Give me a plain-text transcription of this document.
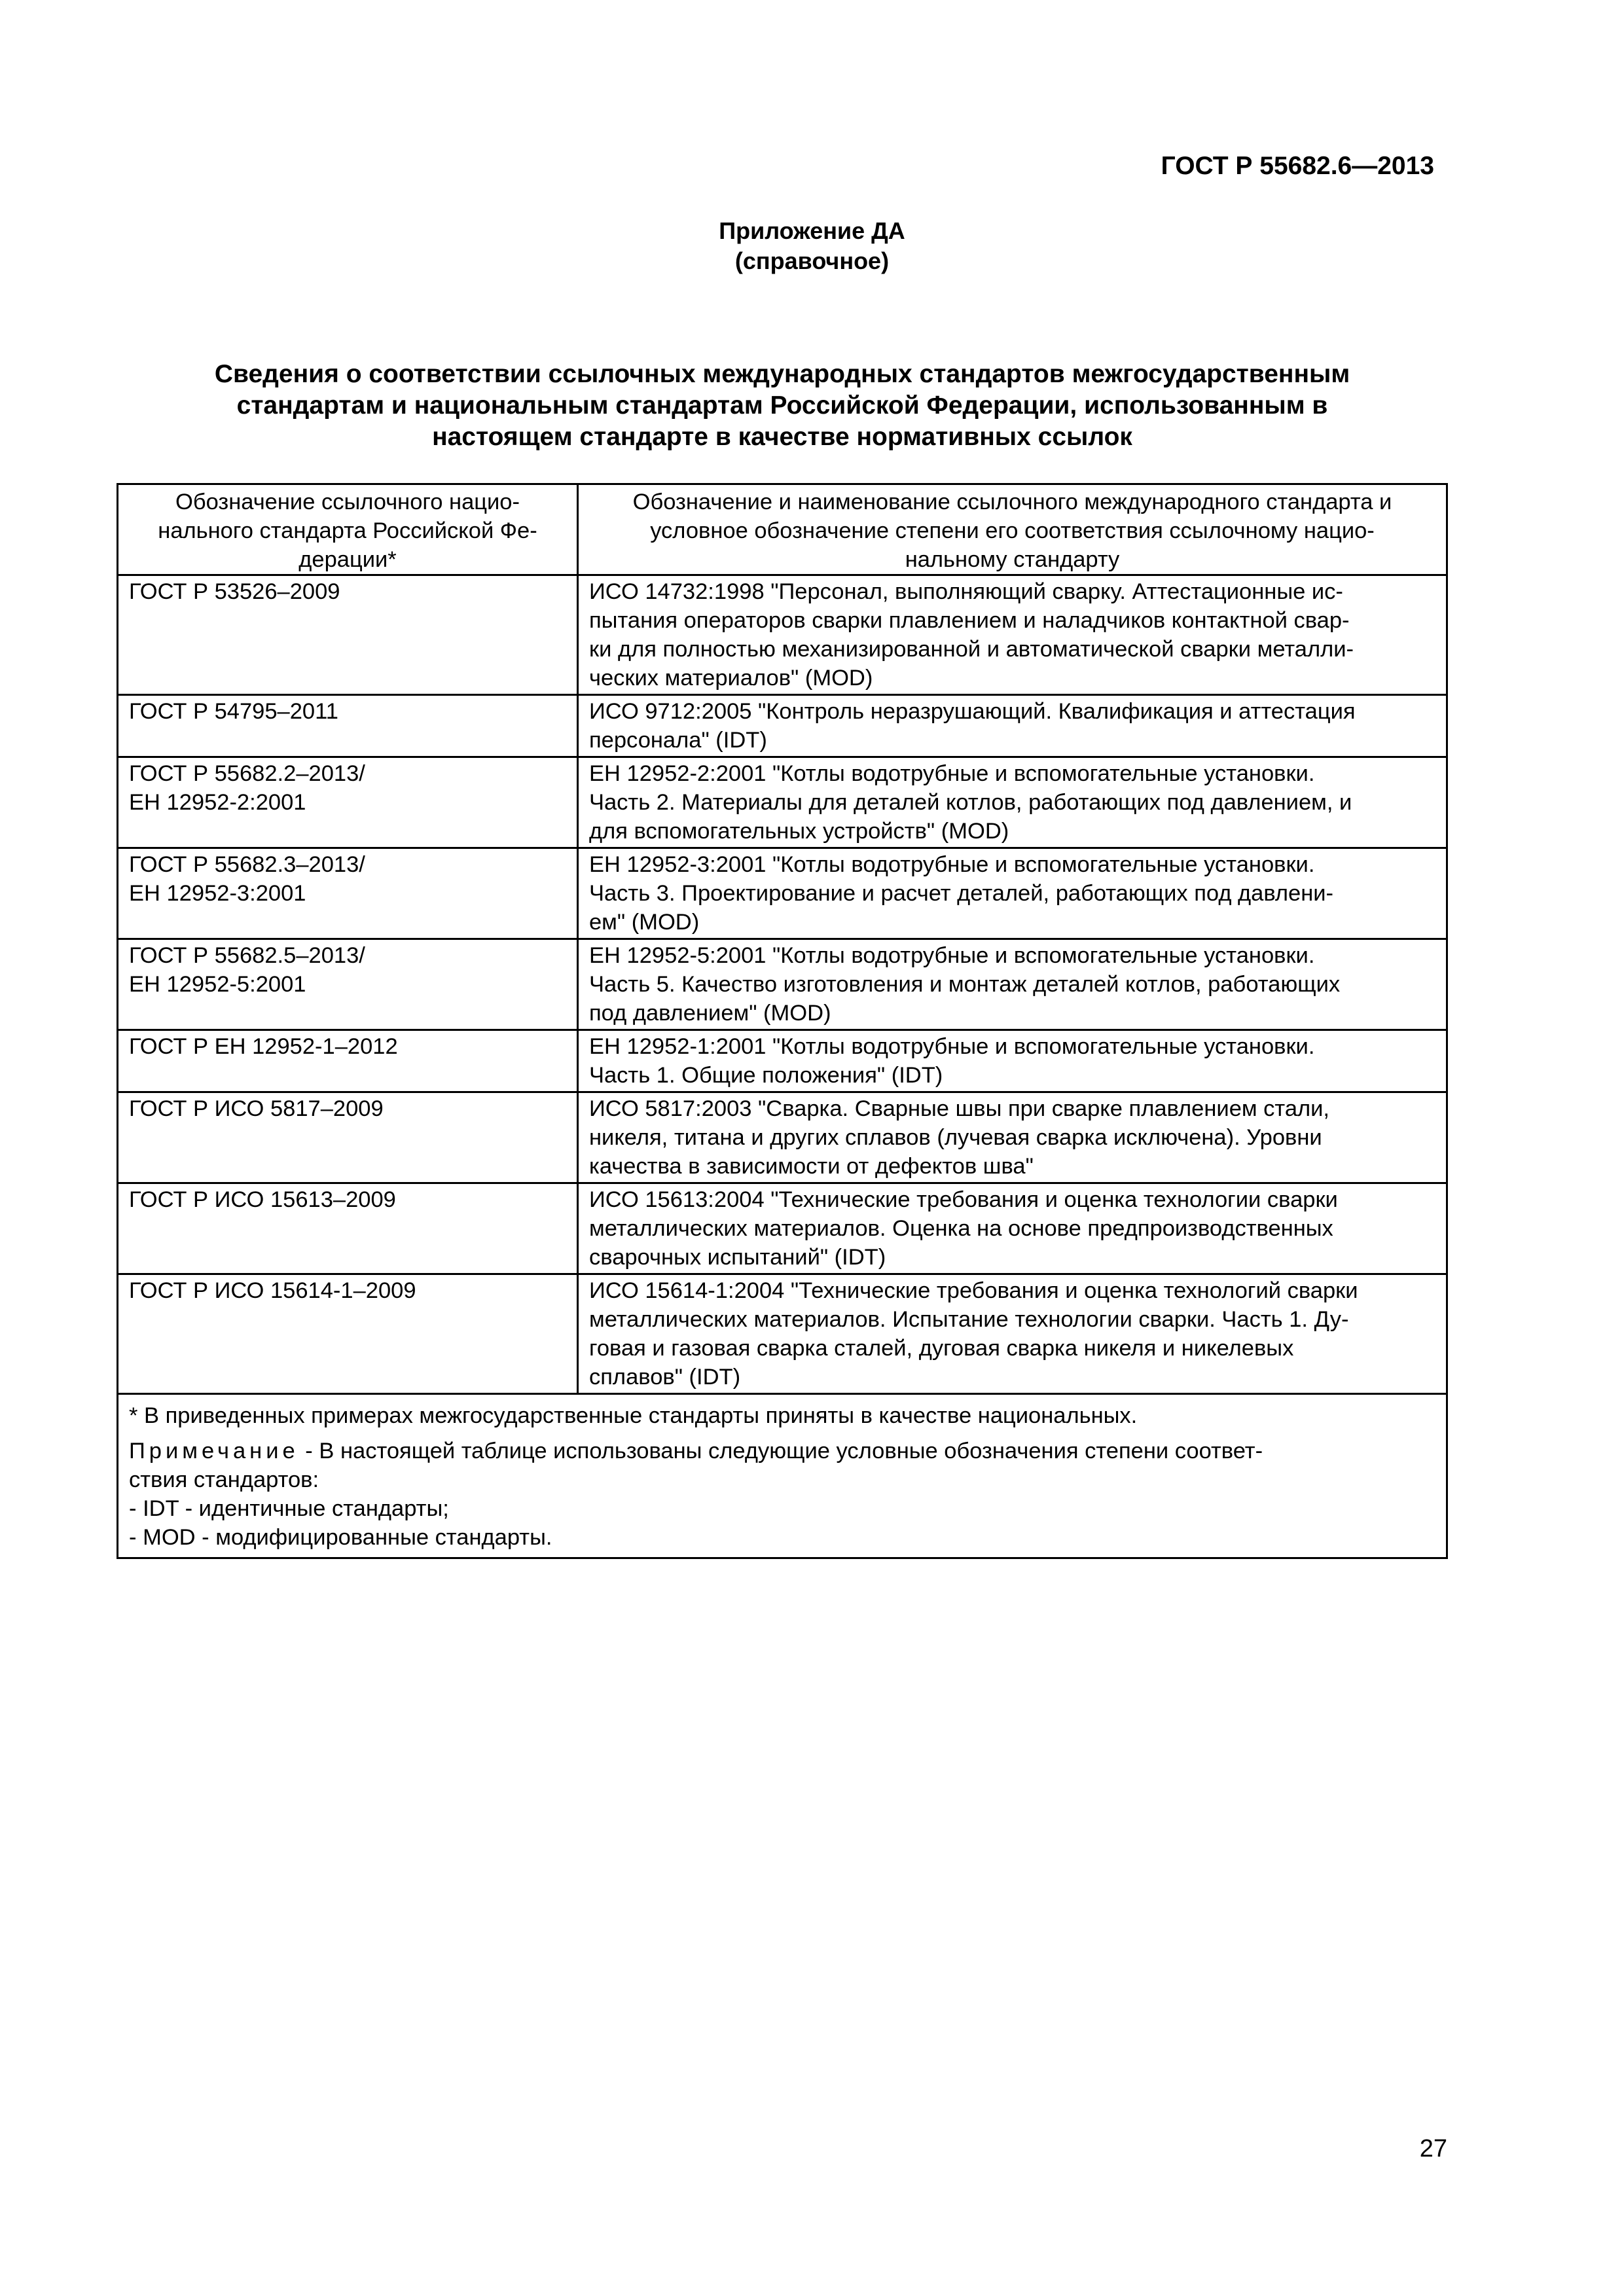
ГОСТ Р 55682.6—2013
Приложение ДА
(справочное)
Сведения о соответствии ссылочных международных стандартов межгосударственным
стандартам и национальным стандартам Российской Федерации, использованным в
настоящем стандарте в качестве нормативных ссылок
Обозначение ссылочного нацио-
нального стандарта Российской Фе-
дерации*	Обозначение и наименование ссылочного международного стандарта и
условное обозначение степени его соответствия ссылочному нацио-
нальному стандарту

ГОСТ Р 53526–2009	ИСО 14732:1998 "Персонал, выполняющий сварку. Аттестационные ис-
пытания операторов сварки плавлением и наладчиков контактной свар-
ки для полностью механизированной и автоматической сварки металли-
ческих материалов" (MOD)

ГОСТ Р 54795–2011	ИСО 9712:2005 "Контроль неразрушающий. Квалификация и аттестация
персонала" (IDT)

ГОСТ Р 55682.2–2013/
ЕН 12952-2:2001	ЕН 12952-2:2001 "Котлы водотрубные и вспомогательные установки.
Часть 2. Материалы для деталей котлов, работающих под давлением, и
для вспомогательных устройств" (MOD)

ГОСТ Р 55682.3–2013/
ЕН 12952-3:2001	ЕН 12952-3:2001 "Котлы водотрубные и вспомогательные установки.
Часть 3. Проектирование и расчет деталей, работающих под давлени-
ем" (MOD)

ГОСТ Р 55682.5–2013/
ЕН 12952-5:2001	ЕН 12952-5:2001 "Котлы водотрубные и вспомогательные установки.
Часть 5. Качество изготовления и монтаж деталей котлов, работающих
под давлением" (MOD)

ГОСТ Р ЕН 12952-1–2012	ЕН 12952-1:2001 "Котлы водотрубные и вспомогательные установки.
Часть 1. Общие положения" (IDT)

ГОСТ Р ИСО 5817–2009	ИСО 5817:2003 "Сварка. Сварные швы при сварке плавлением стали,
никеля, титана и других сплавов (лучевая сварка исключена). Уровни
качества в зависимости от дефектов шва"

ГОСТ Р ИСО 15613–2009	ИСО 15613:2004 "Технические требования и оценка технологии сварки
металлических материалов. Оценка на основе предпроизводственных
сварочных испытаний" (IDT)

ГОСТ Р ИСО 15614-1–2009	ИСО 15614-1:2004 "Технические требования и оценка технологий сварки
металлических материалов. Испытание технологии сварки. Часть 1. Ду-
говая и газовая сварка сталей, дуговая сварка никеля и никелевых
сплавов" (IDT)

* В приведенных примерах межгосударственные стандарты приняты в качестве национальных.
Примечание - В настоящей таблице использованы следующие условные обозначения степени соответ-
ствия стандартов:
- IDT - идентичные стандарты;
- MOD - модифицированные стандарты.	
27
